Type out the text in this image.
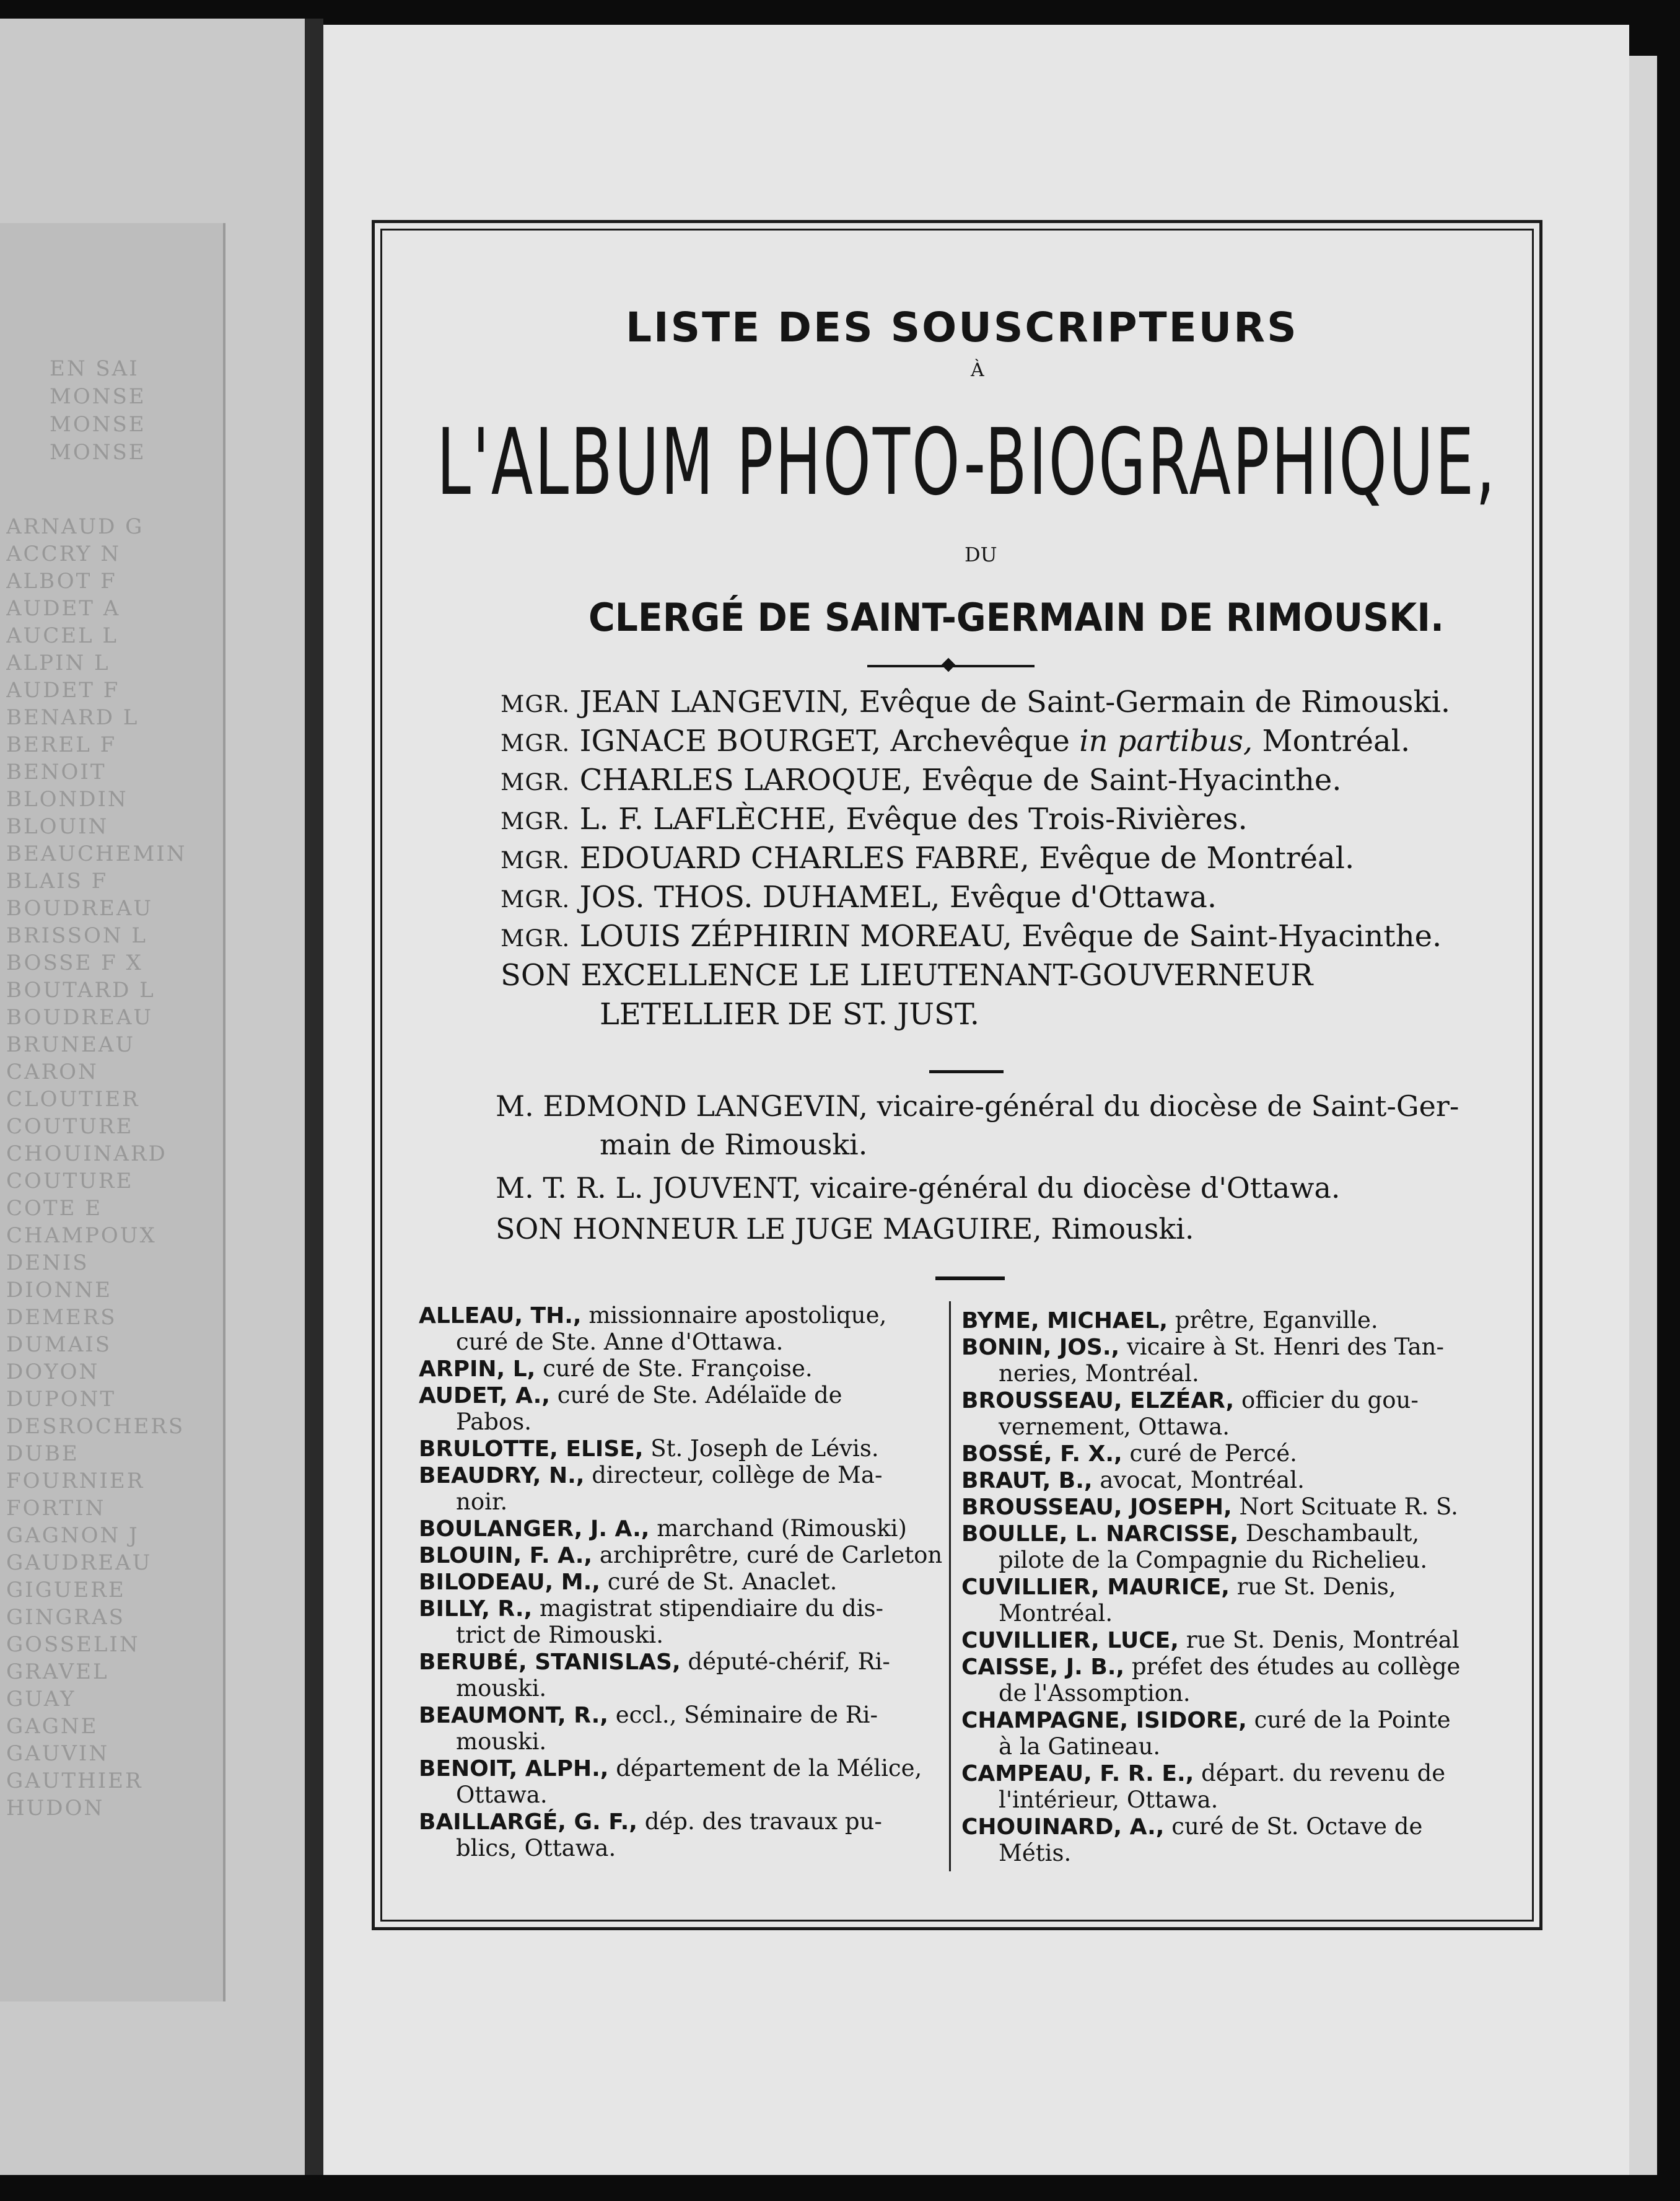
EN SAI
MONSE
MONSE
MONSE
ARNAUD G
ACCRY N
ALBOT F
AUDET A
AUCEL L
ALPIN L
AUDET F
BENARD L
BEREL F
BENOIT
BLONDIN
BLOUIN
BEAUCHEMIN
BLAIS F
BOUDREAU
BRISSON L
BOSSE F X
BOUTARD L
BOUDREAU
BRUNEAU
CARON
CLOUTIER
COUTURE
CHOUINARD
COUTURE
COTE E
CHAMPOUX
DENIS
DIONNE
DEMERS
DUMAIS
DOYON
DUPONT
DESROCHERS
DUBE
FOURNIER
FORTIN
GAGNON J
GAUDREAU
GIGUERE
GINGRAS
GOSSELIN
GRAVEL
GUAY
GAGNE
GAUVIN
GAUTHIER
HUDON
LISTE DES SOUSCRIPTEURS
À
L'ALBUM PHOTO-BIOGRAPHIQUE,
DU
CLERGÉ DE SAINT-GERMAIN DE RIMOUSKI.
MGR. JEAN LANGEVIN, Evêque de Saint-Germain de Rimouski.
MGR. IGNACE BOURGET, Archevêque in partibus, Montréal.
MGR. CHARLES LAROQUE, Evêque de Saint-Hyacinthe.
MGR. L. F. LAFLÈCHE, Evêque des Trois-Rivières.
MGR. EDOUARD CHARLES FABRE, Evêque de Montréal.
MGR. JOS. THOS. DUHAMEL, Evêque d'Ottawa.
MGR. LOUIS ZÉPHIRIN MOREAU, Evêque de Saint-Hyacinthe.
SON EXCELLENCE LE LIEUTENANT-GOUVERNEUR
LETELLIER DE ST. JUST.
M. EDMOND LANGEVIN, vicaire-général du diocèse de Saint-Ger-
main de Rimouski.
M. T. R. L. JOUVENT, vicaire-général du diocèse d'Ottawa.
SON HONNEUR LE JUGE MAGUIRE, Rimouski.
ALLEAU, TH., missionnaire apostolique,
curé de Ste. Anne d'Ottawa.
ARPIN, L, curé de Ste. Françoise.
AUDET, A., curé de Ste. Adélaïde de
Pabos.
BRULOTTE, ELISE, St. Joseph de Lévis.
BEAUDRY, N., directeur, collège de Ma-
noir.
BOULANGER, J. A., marchand (Rimouski)
BLOUIN, F. A., archiprêtre, curé de Carleton
BILODEAU, M., curé de St. Anaclet.
BILLY, R., magistrat stipendiaire du dis-
trict de Rimouski.
BERUBÉ, STANISLAS, député-chérif, Ri-
mouski.
BEAUMONT, R., eccl., Séminaire de Ri-
mouski.
BENOIT, ALPH., département de la Mélice,
Ottawa.
BAILLARGÉ, G. F., dép. des travaux pu-
blics, Ottawa.
BYME, MICHAEL, prêtre, Eganville.
BONIN, JOS., vicaire à St. Henri des Tan-
neries, Montréal.
BROUSSEAU, ELZÉAR, officier du gou-
vernement, Ottawa.
BOSSÉ, F. X., curé de Percé.
BRAUT, B., avocat, Montréal.
BROUSSEAU, JOSEPH, Nort Scituate R. S.
BOULLE, L. NARCISSE, Deschambault,
pilote de la Compagnie du Richelieu.
CUVILLIER, MAURICE, rue St. Denis,
Montréal.
CUVILLIER, LUCE, rue St. Denis, Montréal
CAISSE, J. B., préfet des études au collège
de l'Assomption.
CHAMPAGNE, ISIDORE, curé de la Pointe
à la Gatineau.
CAMPEAU, F. R. E., départ. du revenu de
l'intérieur, Ottawa.
CHOUINARD, A., curé de St. Octave de
Métis.
